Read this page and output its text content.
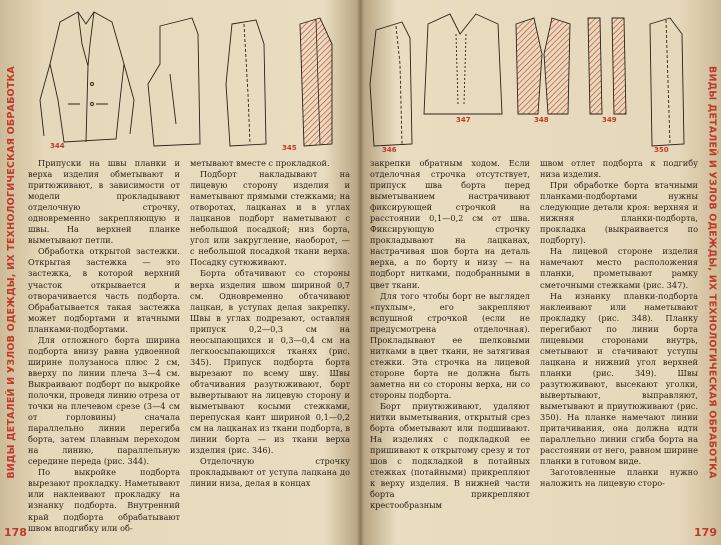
ВИДЫ ДЕТАЛЕЙ И УЗЛОВ ОДЕЖДЫ, ИХ ТЕХНОЛОГИЧЕСКАЯ ОБРАБОТКА	344	345

Припуски на швы планки и верха изделия обметывают и притюживают, в зависимости от модели прокладывают отделочную строчку, одновременно закрепляющую и швы. На верхней планке выметывают петли.

Обработка открытой застежки. Открытая застежка — это застежка, в которой верхний участок открывается и отворачивается часть подборта. Обрабатывается такая застежка может подбортами и втачными планками-подбортами.

Для отложного борта ширина подборта внизу равна удвоенной ширине полузаноса плюс 2 см, вверху по линии плеча 3—4 см. Выкраивают подборт по выкройке полочки, проведя линию отреза от точки на плечевом срезе (3—4 см от горловины) сначала параллельно линии перегиба борта, затем плавным переходом на линию, параллельную середине переда (рис. 344).

По выкройке подборта вырезают прокладку. Наметывают или наклеивают прокладку на изнанку подборта. Внутренний край подборта обрабатывают швом вподгибку или об-

метывают вместе с прокладкой.

Подборт накладывают на лицевую сторону изделия и наметывают прямыми стежками; на отворотах, лацканах и в углах лацканов подборт наметывают с небольшой посадкой; низ борта, угол или закругление, наоборот, — с небольшой посадкой ткани верха. Посадку сутюживают.

Борта обтачивают со стороны верха изделия швом шириной 0,7 см. Одновременно обтачивают лацкан, в уступах делая закрепку. Швы в углах подрезают, оставляя припуск 0,2—0,3 см на неосыпающихся и 0,3—0,4 см на легкоосыпающихся тканях (рис. 345). Припуск подборта борта вырезают по всему шву. Швы обтачивания разутюживают, борт вывертывают на лицевую сторону и выметывают косыми стежками, перепуская кант шириной 0,1—0,2 см на лацканах из ткани подборта, в линии борта — из ткани верха изделия (рис. 346).

Отделочную строчку прокладывают от уступа лацкана до линии низа, делая в концах

178
346
347	348	349
350

закрепки обратным ходом. Если отделочная строчка отсутствует, припуск шва борта перед выметыванием настрачивают фиксирующей строчкой на расстоянии 0,1—0,2 см от шва. Фиксирующую строчку прокладывают на лацканах, настрачивая шов борта на деталь верха, а по борту и низу — на подборт нитками, подобранными в цвет ткани.

Для того чтобы борт не выглядел «пухлым», его закрепляют вспушной строчкой (если не предусмотрена отделочная). Прокладывают ее шелковыми нитками в цвет ткани, не затягивая стежки. Эта строчка на лицевой стороне борта не должна быть заметна ни со стороны верха, ни со стороны подборта.

Борт приутюживают, удаляют нитки выметывания, открытый срез борта обметывают или подшивают. На изделиях с подкладкой ее пришивают к открытому срезу и тот шов с подкладкой в потайных стежках (потайными) прикрепляют к верху изделия. В нижней части борта прикрепляют крестообразным

швом отлет подборта к подгибу низа изделия.

При обработке борта втачными планками-подбортами нужны следующие детали кроя: верхняя и нижняя планки-подборта, прокладка (выкраивается по подборту).

На лицевой стороне изделия намечают место расположения планки, прометывают рамку сметочными стежками (рис. 347).

На изнанку планки-подборта наклеивают или наметывают прокладку (рис. 348). Планку перегибают по линии борта лицевыми сторонами внутрь, сметывают и стачивают уступы лацкана и нижний угол верхней планки (рис. 349). Швы разутюживают, высекают уголки, вывертывают, выправляют, выметывают и приутюживают (рис. 350). На планке намечают линии притачивания, она должна идти параллельно линии сгиба борта на расстоянии от него, равном ширине планки в готовом виде.

Заготовленные планки нужно наложить на лицевую сторо-

ВИДЫ ДЕТАЛЕЙ И УЗЛОВ ОДЕЖДЫ, ИХ ТЕХНОЛОГИЧЕСКАЯ ОБРАБОТКА
179
